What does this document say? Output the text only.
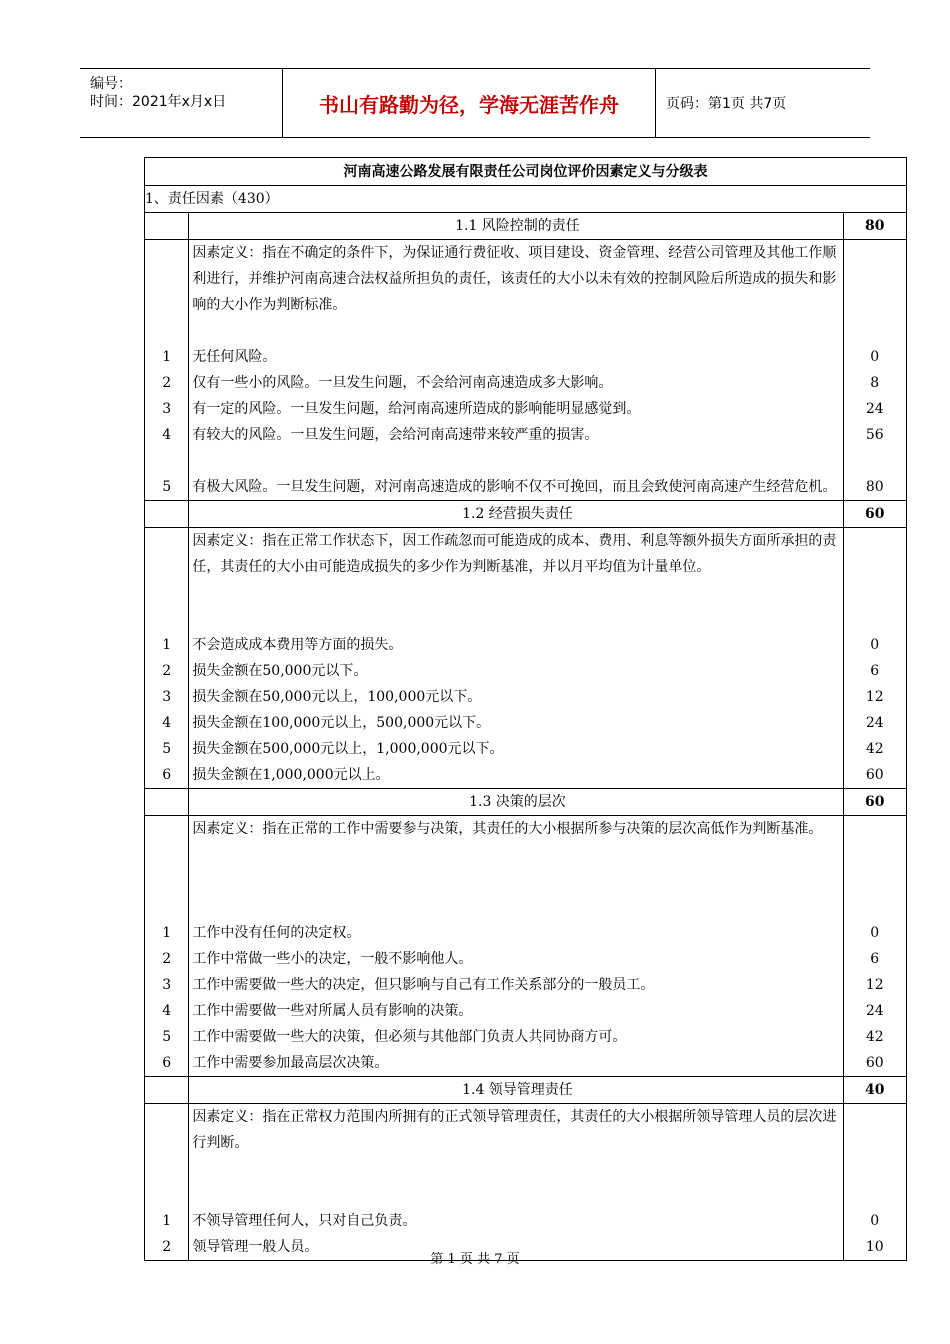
编号：
时间：2021年x月x日	书山有路勤为径，学海无涯苦作舟	页码：第1页 共7页
河南高速公路发展有限责任公司岗位评价因素定义与分级表		
1、责任因素（430）		
	1.1 风险控制的责任	80
	因素定义：指在不确定的条件下，为保证通行费征收、项目建设、资金管理、经营公司管理及其他工作顺利进行，并维护河南高速合法权益所担负的责任，该责任的大小以未有效的控制风险后所造成的损失和影响的大小作为判断标准。	
1	无任何风险。	0
2	仅有一些小的风险。一旦发生问题，不会给河南高速造成多大影响。	8
3	有一定的风险。一旦发生问题，给河南高速所造成的影响能明显感觉到。	24
4	有较大的风险。一旦发生问题，会给河南高速带来较严重的损害。	56
5	有极大风险。一旦发生问题，对河南高速造成的影响不仅不可挽回，而且会致使河南高速产生经营危机。	80
	1.2 经营损失责任	60
	因素定义：指在正常工作状态下，因工作疏忽而可能造成的成本、费用、利息等额外损失方面所承担的责任，其责任的大小由可能造成损失的多少作为判断基准，并以月平均值为计量单位。	
1	不会造成成本费用等方面的损失。	0
2	损失金额在50,000元以下。	6
3	损失金额在50,000元以上，100,000元以下。	12
4	损失金额在100,000元以上，500,000元以下。	24
5	损失金额在500,000元以上，1,000,000元以下。	42
6	损失金额在1,000,000元以上。	60
	1.3 决策的层次	60
	因素定义：指在正常的工作中需要参与决策，其责任的大小根据所参与决策的层次高低作为判断基准。	
1	工作中没有任何的决定权。	0
2	工作中常做一些小的决定，一般不影响他人。	6
3	工作中需要做一些大的决定，但只影响与自己有工作关系部分的一般员工。	12
4	工作中需要做一些对所属人员有影响的决策。	24
5	工作中需要做一些大的决策，但必须与其他部门负责人共同协商方可。	42
6	工作中需要参加最高层次决策。	60
	1.4 领导管理责任	40
	因素定义：指在正常权力范围内所拥有的正式领导管理责任，其责任的大小根据所领导管理人员的层次进行判断。	
1	不领导管理任何人，只对自己负责。	0
2	领导管理一般人员。	10
第 1 页 共 7 页
